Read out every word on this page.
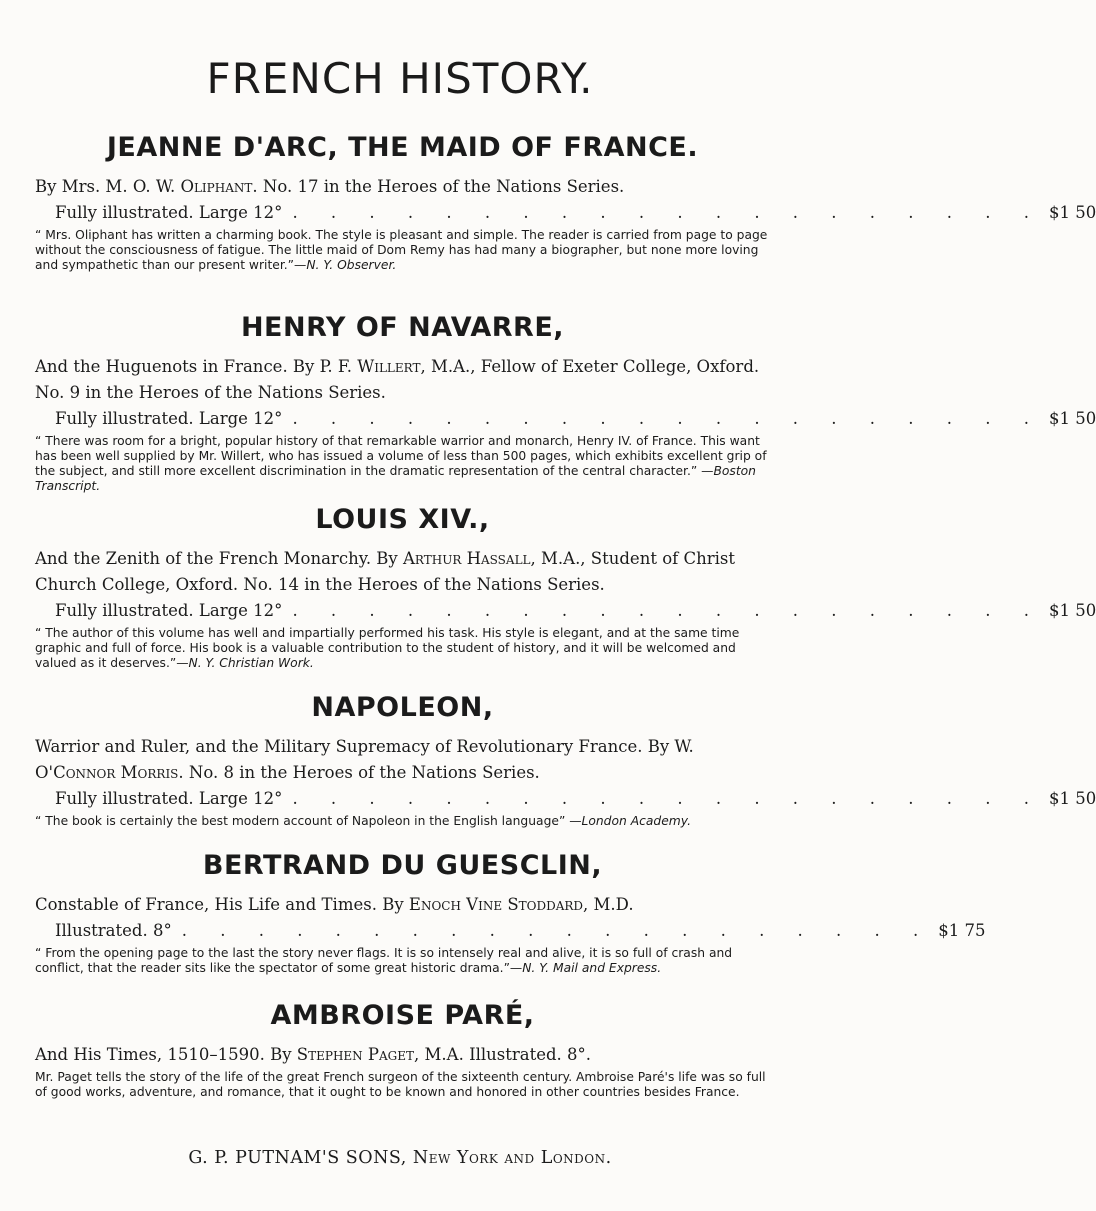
FRENCH HISTORY.
JEANNE D'ARC, THE MAID OF FRANCE.

By Mrs. M. O. W. Oliphant. No. 17 in the Heroes of the Nations Series.

Fully illustrated. Large 12° . . . . . . . . . . . . . . . . . . . . $1 50

“ Mrs. Oliphant has written a charming book. The style is pleasant and simple. The reader is carried from page to page without the consciousness of fatigue. The little maid of Dom Remy has had many a biographer, but none more loving and sympathetic than our present writer.”—N. Y. Observer.

HENRY OF NAVARRE,

And the Huguenots in France. By P. F. Willert, M.A., Fellow of Exeter College, Oxford. No. 9 in the Heroes of the Nations Series.

Fully illustrated. Large 12° . . . . . . . . . . . . . . . . . . . . $1 50

“ There was room for a bright, popular history of that remarkable warrior and monarch, Henry IV. of France. This want has been well supplied by Mr. Willert, who has issued a volume of less than 500 pages, which exhibits excellent grip of the subject, and still more excellent discrimination in the dramatic representation of the central character.” —Boston Transcript.

LOUIS XIV.,

And the Zenith of the French Monarchy. By Arthur Hassall, M.A., Student of Christ Church College, Oxford. No. 14 in the Heroes of the Nations Series.

Fully illustrated. Large 12° . . . . . . . . . . . . . . . . . . . . $1 50

“ The author of this volume has well and impartially performed his task. His style is elegant, and at the same time graphic and full of force. His book is a valuable contribution to the student of history, and it will be welcomed and valued as it deserves.”—N. Y. Christian Work.

NAPOLEON,

Warrior and Ruler, and the Military Supremacy of Revolutionary France. By W. O'Connor Morris. No. 8 in the Heroes of the Nations Series.

Fully illustrated. Large 12° . . . . . . . . . . . . . . . . . . . . $1 50

“ The book is certainly the best modern account of Napoleon in the English language” —London Academy.

BERTRAND DU GUESCLIN,

Constable of France, His Life and Times. By Enoch Vine Stoddard, M.D.

Illustrated. 8° . . . . . . . . . . . . . . . . . . . . $1 75

“ From the opening page to the last the story never flags. It is so intensely real and alive, it is so full of crash and conflict, that the reader sits like the spectator of some great historic drama.”—N. Y. Mail and Express.

AMBROISE PARÉ,

And His Times, 1510–1590. By Stephen Paget, M.A. Illustrated. 8°.

Mr. Paget tells the story of the life of the great French surgeon of the sixteenth century. Ambroise Paré's life was so full of good works, adventure, and romance, that it ought to be known and honored in other countries besides France.

G. P. PUTNAM'S SONS, New York and London.
